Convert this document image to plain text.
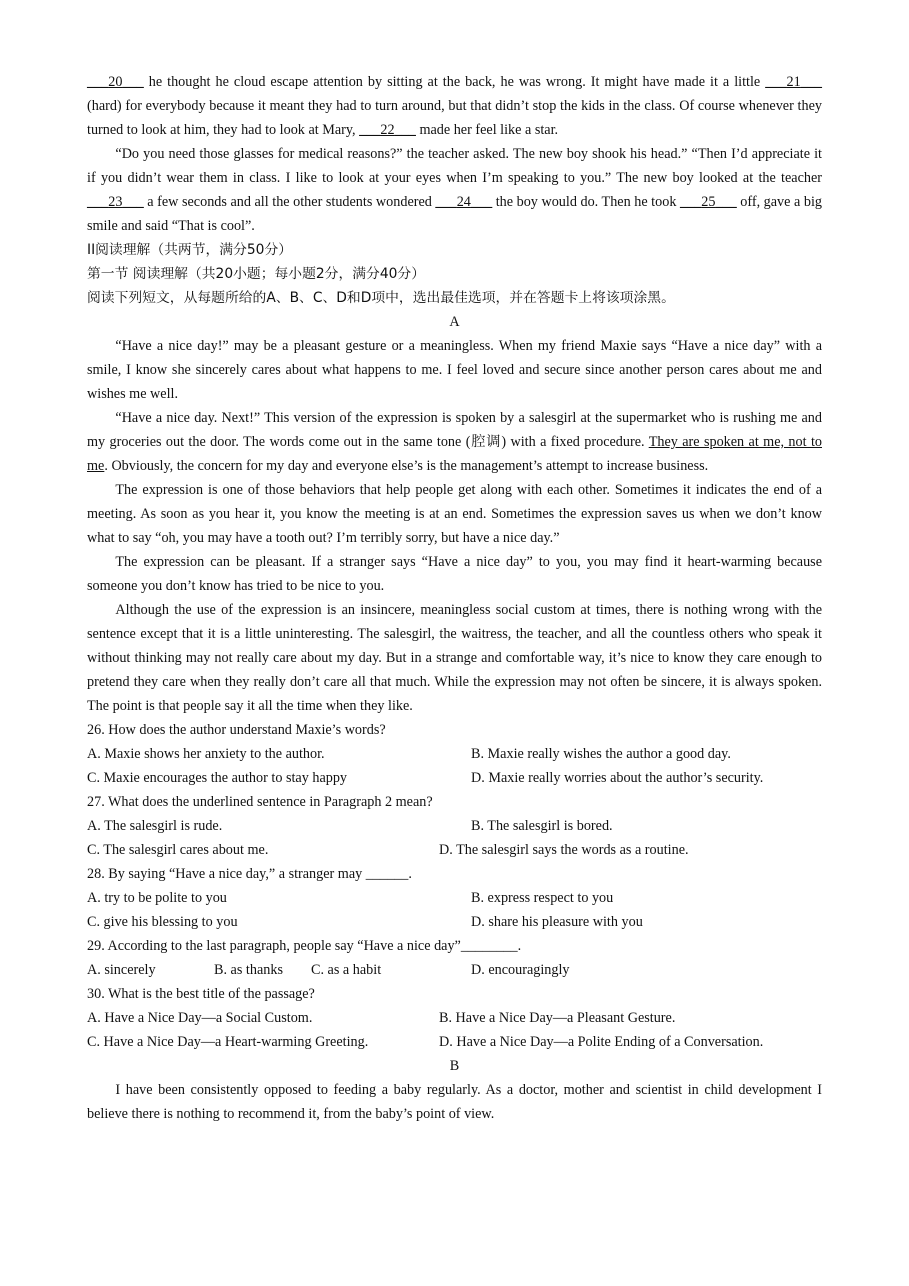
___20___ he thought he cloud escape attention by sitting at the back, he was wrong. It might have made it a little ___21___ (hard) for everybody because it meant they had to turn around, but that didn’t stop the kids in the class. Of course whenever they turned to look at him, they had to look at Mary, ___22___ made her feel like a star.

“Do you need those glasses for medical reasons?” the teacher asked. The new boy shook his head.” “Then I’d appreciate it if you didn’t wear them in class. I like to look at your eyes when I’m speaking to you.” The new boy looked at the teacher ___23___ a few seconds and all the other students wondered ___24___ the boy would do. Then he took ___25___ off, gave a big smile and said “That is cool”.

II阅读理解（共两节，满分50分）

第一节 阅读理解（共20小题；每小题2分，满分40分）

阅读下列短文，从每题所给的A、B、C、D和D项中，选出最佳选项，并在答题卡上将该项涂黑。

A

“Have a nice day!” may be a pleasant gesture or a meaningless. When my friend Maxie says “Have a nice day” with a smile, I know she sincerely cares about what happens to me. I feel loved and secure since another person cares about me and wishes me well.

“Have a nice day. Next!” This version of the expression is spoken by a salesgirl at the supermarket who is rushing me and my groceries out the door. The words come out in the same tone (腔调) with a fixed procedure. They are spoken at me, not to me. Obviously, the concern for my day and everyone else’s is the management’s attempt to increase business.

The expression is one of those behaviors that help people get along with each other. Sometimes it indicates the end of a meeting. As soon as you hear it, you know the meeting is at an end. Sometimes the expression saves us when we don’t know what to say “oh, you may have a tooth out? I’m terribly sorry, but have a nice day.”

The expression can be pleasant. If a stranger says “Have a nice day” to you, you may find it heart-warming because someone you don’t know has tried to be nice to you.

Although the use of the expression is an insincere, meaningless social custom at times, there is nothing wrong with the sentence except that it is a little uninteresting. The salesgirl, the waitress, the teacher, and all the countless others who speak it without thinking may not really care about my day. But in a strange and comfortable way, it’s nice to know they care enough to pretend they care when they really don’t care all that much. While the expression may not often be sincere, it is always spoken. The point is that people say it all the time when they like.

26. How does the author understand Maxie’s words?

A. Maxie shows her anxiety to the author.	B. Maxie really wishes the author a good day.
C. Maxie encourages the author to stay happy	D. Maxie really worries about the author’s security.

27. What does the underlined sentence in Paragraph 2 mean?

A. The salesgirl is rude.	B. The salesgirl is bored.
C. The salesgirl cares about me.	D. The salesgirl says the words as a routine.

28. By saying “Have a nice day,” a stranger may ______.

A. try to be polite to you	B. express respect to you
C. give his blessing to you	D. share his pleasure with you

29. According to the last paragraph, people say “Have a nice day”________.

A. sincerely	B. as thanks C. as a habit	D. encouragingly

30. What is the best title of the passage?

A. Have a Nice Day—a Social Custom.	B. Have a Nice Day—a Pleasant Gesture.
C. Have a Nice Day—a Heart-warming Greeting.	D. Have a Nice Day—a Polite Ending of a Conversation.

B

I have been consistently opposed to feeding a baby regularly. As a doctor, mother and scientist in child development I believe there is nothing to recommend it, from the baby’s point of view.
